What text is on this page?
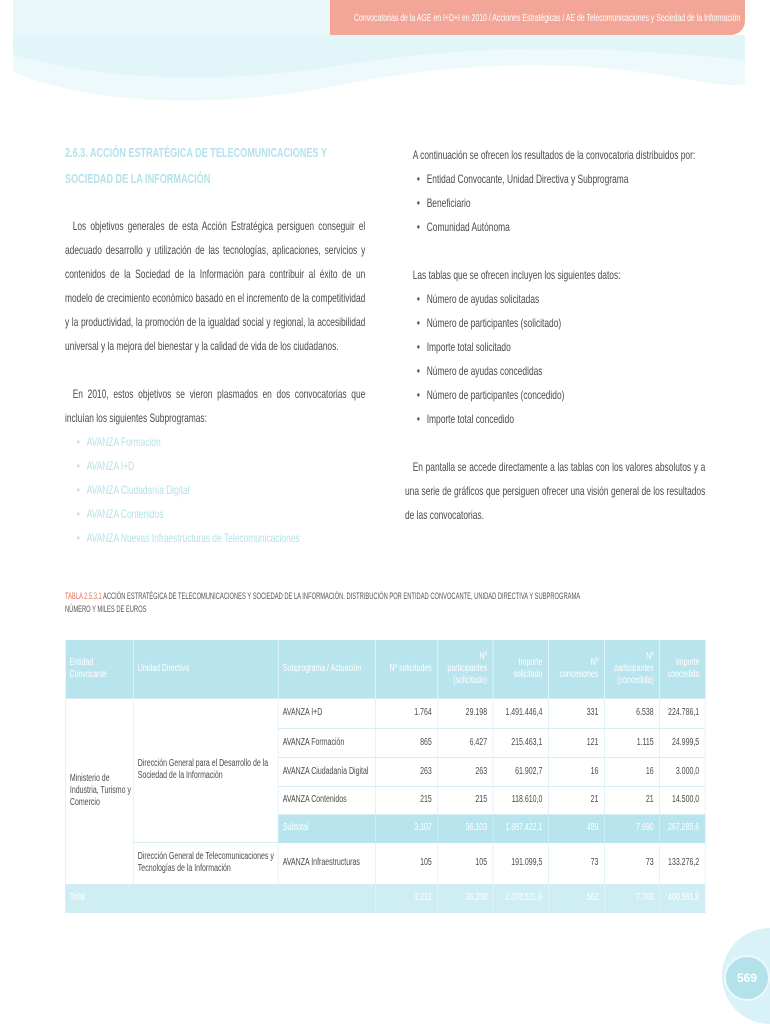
Convocatorias de la AGE en I+D+I en 2010 / Acciones Estratégicas / AE de Telecomunicaciones y Sociedad de la Información
2.6.3. ACCIÓN ESTRATÉGICA DE TELECOMUNICACIONES Y SOCIEDAD DE LA INFORMACIÓN

Los objetivos generales de esta Acción Estratégica persiguen conseguir el adecuado desarrollo y utilización de las tecnologías, aplicaciones, servicios y contenidos de la Sociedad de la Información para contribuir al éxito de un modelo de crecimiento económico basado en el incremento de la competitividad y la productividad, la promoción de la igualdad social y regional, la accesibilidad universal y la mejora del bienestar y la calidad de vida de los ciudadanos.

En 2010, estos objetivos se vieron plasmados en dos convocatorias que incluían los siguientes Subprogramas:

•
AVANZA Formación
•
AVANZA I+D
•
AVANZA Ciudadanía Digital
•
AVANZA Contenidos
•
AVANZA Nuevas Infraestructuras de Telecomunicaciones

A continuación se ofrecen los resultados de la convocatoria distribuidos por:

•
Entidad Convocante, Unidad Directiva y Subprograma
•
Beneficiario
•
Comunidad Autónoma

Las tablas que se ofrecen incluyen los siguientes datos:

•
Número de ayudas solicitadas
•
Número de participantes (solicitado)
•
Importe total solicitado
•
Número de ayudas concedidas
•
Número de participantes (concedido)
•
Importe total concedido

En pantalla se accede directamente a las tablas con los valores absolutos y a una serie de gráficos que persiguen ofrecer una visión general de los resultados de las convocatorias.

TABLA 2.5.3.1 ACCIÓN ESTRATÉGICA DE TELECOMUNICACIONES Y SOCIEDAD DE LA INFORMACIÓN. DISTRIBUCIÓN POR ENTIDAD CONVOCANTE, UNIDAD DIRECTIVA Y SUBPROGRAMA
NÚMERO Y MILES DE EUROS
Entidad Convocante	Unidad Directiva	Subprograma / Actuación	Nº solicitudes	Nº participantes (solicitado)	Importe solicitado	Nº concesiones	Nº participantes (concedido)	Importe concedido
Ministerio de Industria, Turismo y Comercio	Dirección General para el Desarrollo de la Sociedad de la Información	AVANZA I+D	1.764	29.198	1.491.446,4	331	6.538	224.786,1
		AVANZA Formación	865	6.427	215.463,1	121	1.115	24.999,5
		AVANZA Ciudadanía Digital	263	263	61.902,7	16	16	3.000,0
		AVANZA Contenidos	215	215	118.610,0	21	21	14.500,0
		Subtotal	3.107	36.103	1.887.422,1	489	7.690	267.285,6
	Dirección General de Telecomunicaciones y Tecnologías de la Información	AVANZA Infraestructuras	105	105	191.099,5	73	73	133.276,2
Total			3.212	36.208	2.078.521,6	562	7.763	400.561,8
569
